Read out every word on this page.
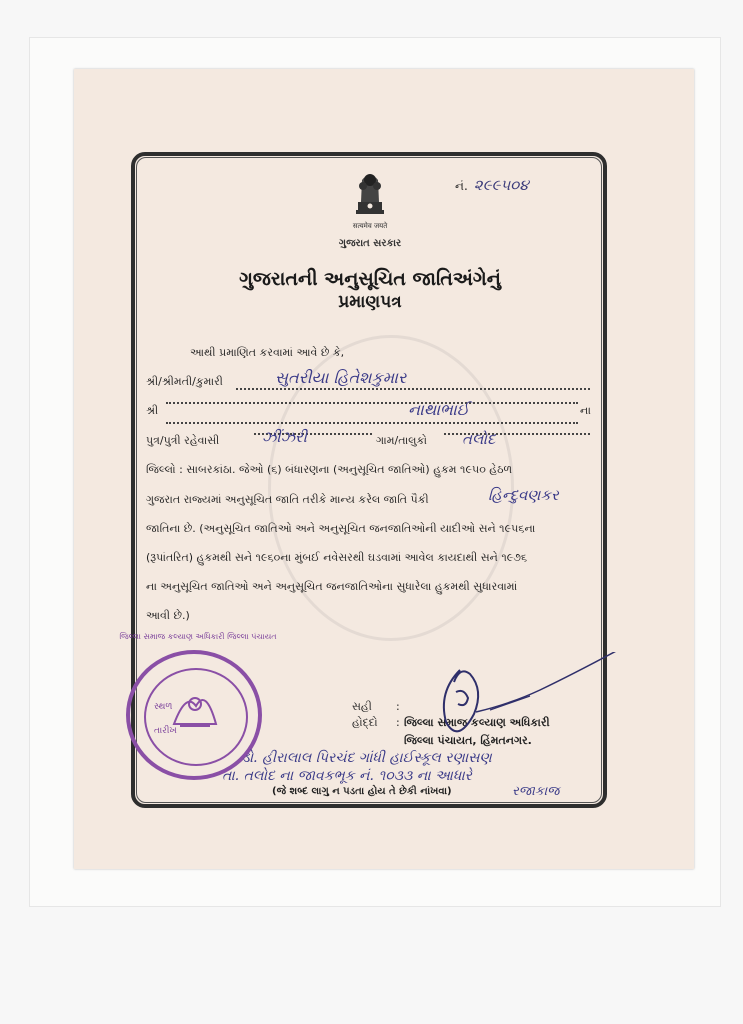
सत्यमेव जयते
ગુજરાત સરકાર
નં. ૨૯૯૫૦૪
ગુજરાતની અનુસૂચિત જાતિઅંગેનું
પ્રમાણપત્ર
આથી પ્રમાણિત કરવામાં આવે છે કે,
શ્રી/શ્રીમતી/કુમારી	સુતરીયા હિતેશકુમાર
શ્રી	નાથાભાઈ	ના
પુત્ર/પુત્રી રહેવાસી	ઝીંઝરી	ગામ/તાલુકો તલોદ
જિલ્લો : સાબરકાંઠા. જેઓ (૬) બંધારણના (અનુસૂચિત જાતિઓ) હુકમ ૧૯૫૦ હેઠળ
ગુજરાત રાજ્યમાં અનુસૂચિત જાતિ તરીકે માન્ય કરેલ જાતિ પૈકી	હિન્દુવણકર
જાતિના છે. (અનુસૂચિત જાતિઓ અને અનુસૂચિત જનજાતિઓની યાદીઓ સને ૧૯૫૬ના
(રૂપાંતરિત) હુકમથી સને ૧૯૬૦ના મુંબઈ નવેસરથી ઘડવામાં આવેલ કાયદાથી સને ૧૯૭૬
ના અનુસૂચિત જાતિઓ અને અનુસૂચિત જનજાતિઓના સુધારેલા હુકમથી સુધારવામાં
આવી છે.)
સહી :
હોદ્દો : જિલ્લા સમાજ કલ્યાણ અધિકારી
જિલ્લા પંચાયત, હિંમતનગર.
સ્થળ
તારીખ
જિલ્લા સમાજ કલ્યાણ અધિકારી જિલ્લા પંચાયત
ડો. હીરાલાલ પિરચંદ ગાંધી હાઈસ્કૂલ રણાસણ
તા. તલોદ ના જાવકભૂક નં. ૧૦૩૩ ના આધારે
રજાકાજ
(જે શબ્દ લાગુ ન પડતા હોય તે છેકી નાંખવા)
